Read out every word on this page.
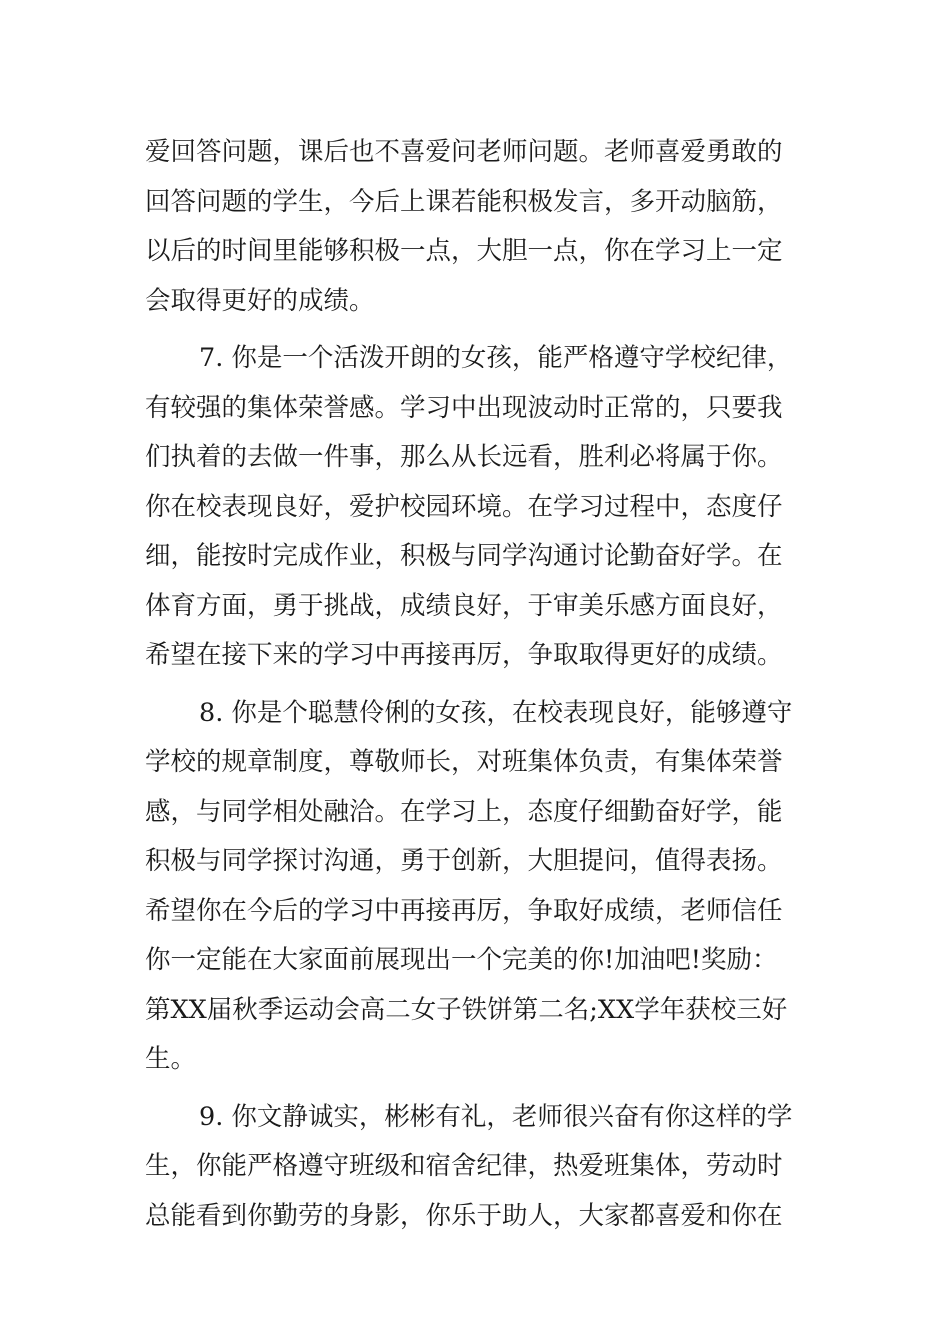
爱回答问题，课后也不喜爱问老师问题。老师喜爱勇敢的
回答问题的学生，今后上课若能积极发言，多开动脑筋，
以后的时间里能够积极一点，大胆一点，你在学习上一定
会取得更好的成绩。
7. 你是一个活泼开朗的女孩，能严格遵守学校纪律，
有较强的集体荣誉感。学习中出现波动时正常的，只要我
们执着的去做一件事，那么从长远看，胜利必将属于你。
你在校表现良好，爱护校园环境。在学习过程中，态度仔
细，能按时完成作业，积极与同学沟通讨论勤奋好学。在
体育方面，勇于挑战，成绩良好，于审美乐感方面良好，
希望在接下来的学习中再接再厉，争取取得更好的成绩。
8. 你是个聪慧伶俐的女孩，在校表现良好，能够遵守
学校的规章制度，尊敬师长，对班集体负责，有集体荣誉
感，与同学相处融洽。在学习上，态度仔细勤奋好学，能
积极与同学探讨沟通，勇于创新，大胆提问，值得表扬。
希望你在今后的学习中再接再厉，争取好成绩，老师信任
你一定能在大家面前展现出一个完美的你!加油吧!奖励：
第XX届秋季运动会高二女子铁饼第二名;XX学年获校三好
生。
9. 你文静诚实，彬彬有礼，老师很兴奋有你这样的学
生，你能严格遵守班级和宿舍纪律，热爱班集体，劳动时
总能看到你勤劳的身影，你乐于助人，大家都喜爱和你在
